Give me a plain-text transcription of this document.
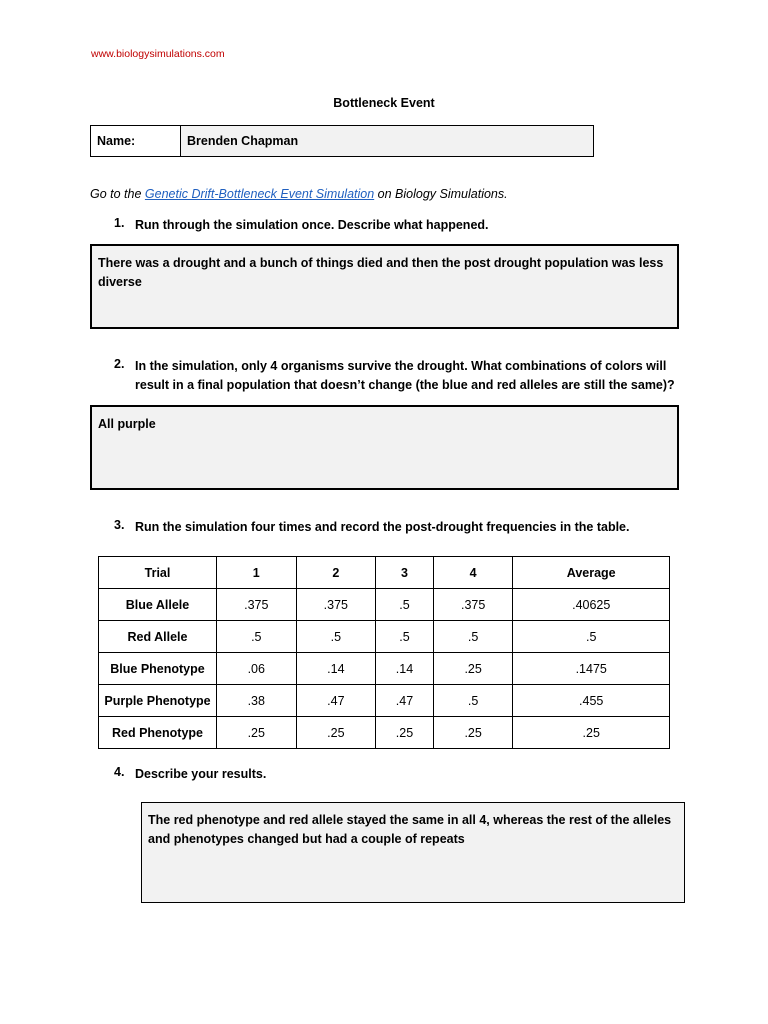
www.biologysimulations.com
Bottleneck Event
Name:	Brenden Chapman
Go to the Genetic Drift-Bottleneck Event Simulation on Biology Simulations.
1. Run through the simulation once. Describe what happened.
There was a drought and a bunch of things died and then the post drought population was less diverse
2. In the simulation, only 4 organisms survive the drought. What combinations of colors will result in a final population that doesn’t change (the blue and red alleles are still the same)?
All purple
3. Run the simulation four times and record the post-drought frequencies in the table.
Trial	1	2	3	4	Average
Blue Allele	.375	.375	.5	.375	.40625
Red Allele	.5	.5	.5	.5	.5
Blue Phenotype	.06	.14	.14	.25	.1475
Purple Phenotype	.38	.47	.47	.5	.455
Red Phenotype	.25	.25	.25	.25	.25
4. Describe your results.
The red phenotype and red allele stayed the same in all 4, whereas the rest of the alleles and phenotypes changed but had a couple of repeats
